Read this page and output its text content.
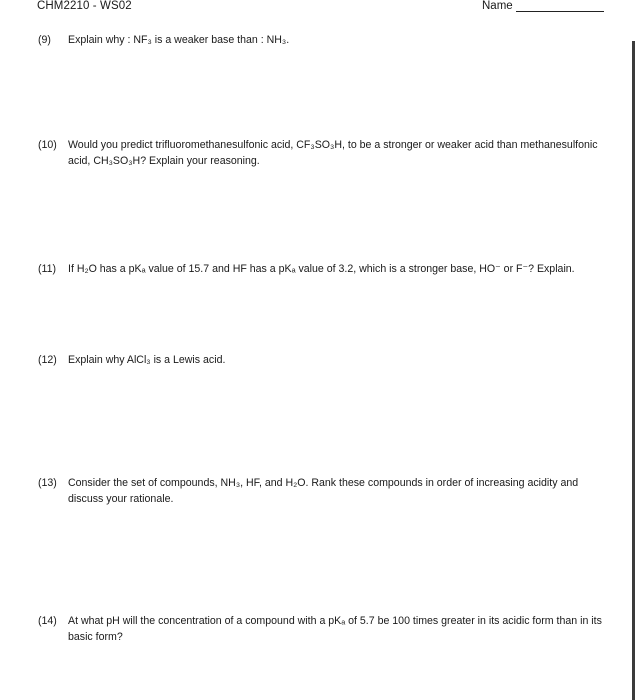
CHM2210 - WS02	Name
(9)	Explain why : NF₃ is a weaker base than : NH₃.
(10)	Would you predict trifluoromethanesulfonic acid, CF₃SO₃H, to be a stronger or weaker acid than methanesulfonic acid, CH₃SO₃H? Explain your reasoning.
(11)	If H₂O has a pKₐ value of 15.7 and HF has a pKₐ value of 3.2, which is a stronger base, HO⁻ or F⁻? Explain.
(12)	Explain why AlCl₃ is a Lewis acid.
(13)	Consider the set of compounds, NH₃, HF, and H₂O. Rank these compounds in order of increasing acidity and discuss your rationale.
(14)	At what pH will the concentration of a compound with a pKₐ of 5.7 be 100 times greater in its acidic form than in its basic form?
